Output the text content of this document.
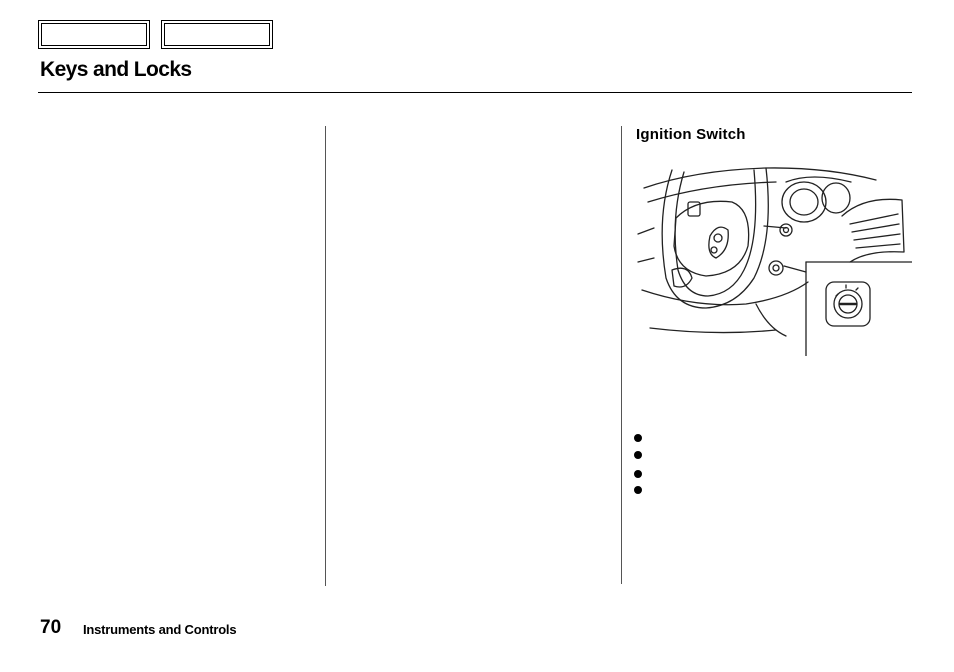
Keys and Locks
Ignition Switch
70 Instruments and Controls
